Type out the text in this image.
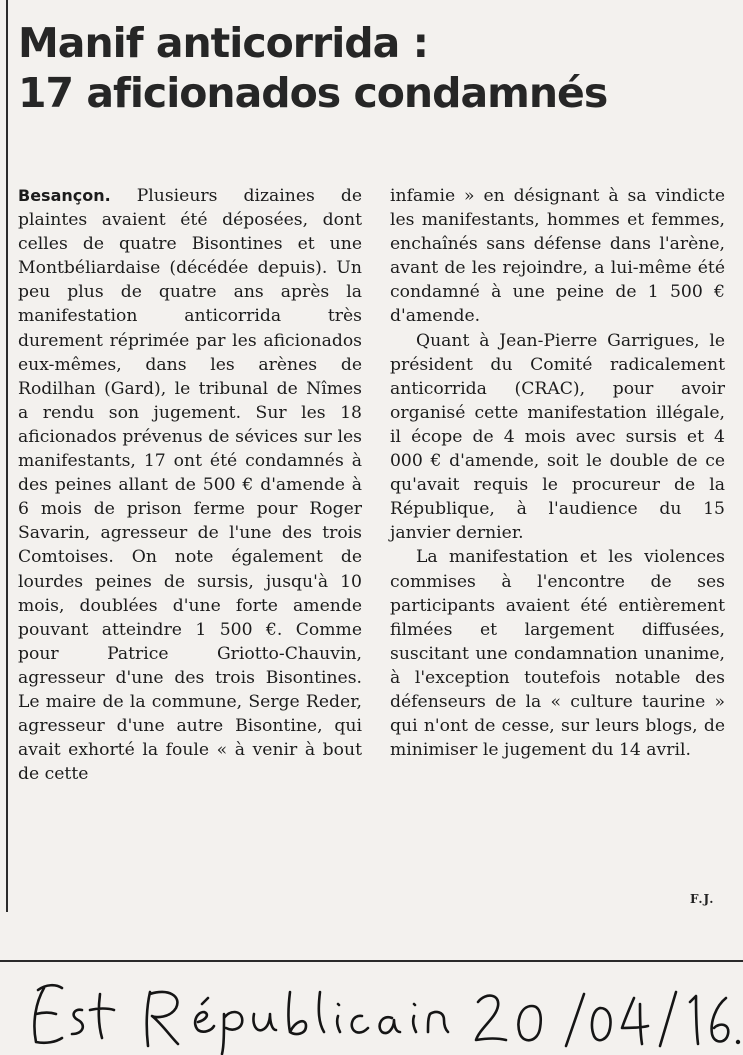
Manif anticorrida :
17 aficionados condamnés

Besançon. Plusieurs dizaines de plaintes avaient été déposées, dont celles de quatre Bisontines et une Montbéliardaise (décédée depuis). Un peu plus de quatre ans après la manifestation anticorrida très durement réprimée par les aficionados eux-mêmes, dans les arènes de Rodilhan (Gard), le tribunal de Nîmes a rendu son jugement. Sur les 18 aficionados prévenus de sévices sur les manifestants, 17 ont été condamnés à des peines allant de 500 € d'amende à 6 mois de prison ferme pour Roger Savarin, agresseur de l'une des trois Comtoises. On note également de lourdes peines de sursis, jusqu'à 10 mois, doublées d'une forte amende pouvant atteindre 1 500 €. Comme pour Patrice Griotto-Chauvin, agresseur d'une des trois Bisontines. Le maire de la commune, Serge Reder, agresseur d'une autre Bisontine, qui avait exhorté la foule « à venir à bout de cette

infamie » en désignant à sa vindicte les manifestants, hommes et femmes, enchaînés sans défense dans l'arène, avant de les rejoindre, a lui-même été condamné à une peine de 1 500 € d'amende.

Quant à Jean-Pierre Garrigues, le président du Comité radicalement anticorrida (CRAC), pour avoir organisé cette manifestation illégale, il écope de 4 mois avec sursis et 4 000 € d'amende, soit le double de ce qu'avait requis le procureur de la République, à l'audience du 15 janvier dernier.

La manifestation et les violences commises à l'encontre de ses participants avaient été entièrement filmées et largement diffusées, suscitant une condamnation unanime, à l'exception toutefois notable des défenseurs de la « culture taurine » qui n'ont de cesse, sur leurs blogs, de minimiser le jugement du 14 avril.

F.J.
